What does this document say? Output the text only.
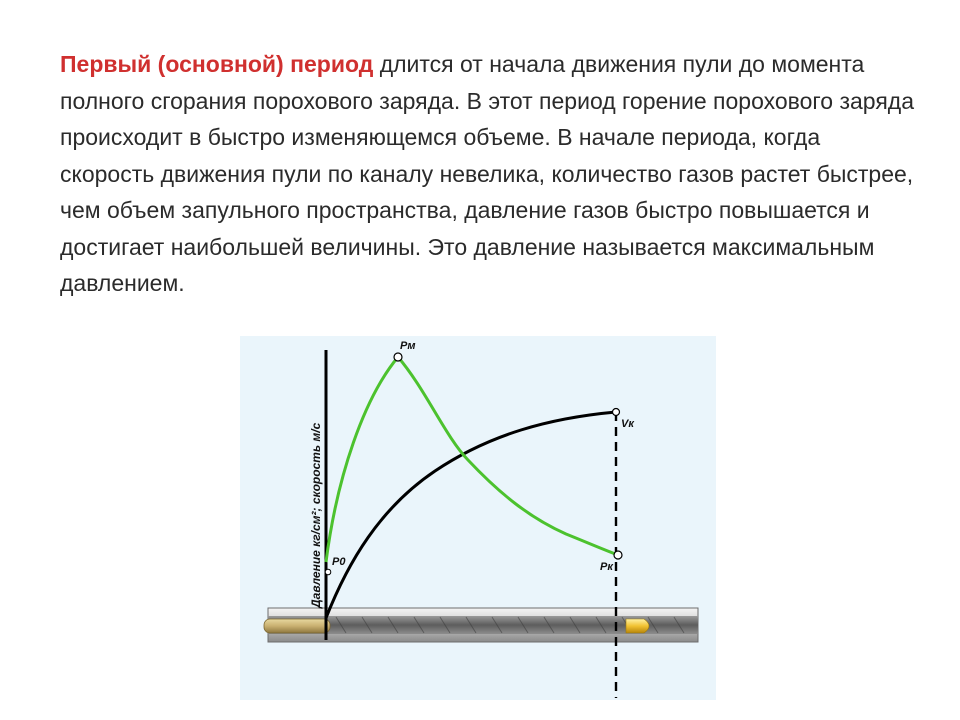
Первый (основной) период длится от начала движения пули до момента полного сгорания порохового заряда. В этот период горение порохового заряда происходит в быстро изменяющемся объеме. В начале периода, когда скорость движения пули по каналу невелика, количество газов растет быстрее, чем объем запульного пространства, давление газов быстро повышается и достигает наибольшей величины. Это давление называется максимальным давлением.
Pм
P0	Pк
Vк
Давление кг/см²; скорость м/с
